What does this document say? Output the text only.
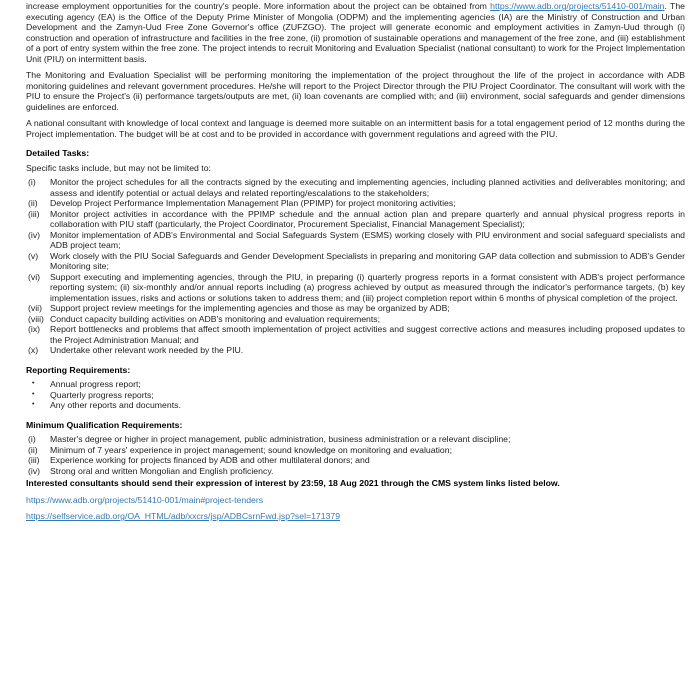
increase employment opportunities for the country's people. More information about the project can be obtained from https://www.adb.org/projects/51410-001/main. The executing agency (EA) is the Office of the Deputy Prime Minister of Mongolia (ODPM) and the implementing agencies (IA) are the Ministry of Construction and Urban Development and the Zamyn-Uud Free Zone Governor's office (ZUFZGO). The project will generate economic and employment activities in Zamyn-Uud through (i) construction and operation of infrastructure and facilities in the free zone, (ii) promotion of sustainable operations and management of the free zone, and (iii) establishment of a port of entry system within the free zone. The project intends to recruit Monitoring and Evaluation Specialist (national consultant) to work for the Project Implementation Unit (PIU) on intermittent basis.

The Monitoring and Evaluation Specialist will be performing monitoring the implementation of the project throughout the life of the project in accordance with ADB monitoring guidelines and relevant government procedures. He/she will report to the Project Director through the PIU Project Coordinator. The consultant will work with the PIU to ensure the Project's (ii) performance targets/outputs are met, (ii) loan covenants are complied with; and (iii) environment, social safeguards and gender dimensions guidelines are enforced.

A national consultant with knowledge of local context and language is deemed more suitable on an intermittent basis for a total engagement period of 12 months during the Project implementation. The budget will be at cost and to be provided in accordance with government regulations and agreed with the PIU.

Detailed Tasks:

Specific tasks include, but may not be limited to:

(i)	Monitor the project schedules for all the contracts signed by the executing and implementing agencies, including planned activities and deliverables monitoring; and assess and identify potential or actual delays and related reporting/escalations to the stakeholders;
(ii)	Develop Project Performance Implementation Management Plan (PPIMP) for project monitoring activities;
(iii)	Monitor project activities in accordance with the PPIMP schedule and the annual action plan and prepare quarterly and annual physical progress reports in collaboration with PIU staff (particularly, the Project Coordinator, Procurement Specialist, Financial Management Specialist);
(iv)	Monitor implementation of ADB's Environmental and Social Safeguards System (ESMS) working closely with PIU environment and social safeguard specialists and ADB project team;
(v)	Work closely with the PIU Social Safeguards and Gender Development Specialists in preparing and monitoring GAP data collection and submission to ADB's Gender Monitoring site;
(vi)	Support executing and implementing agencies, through the PIU, in preparing (i) quarterly progress reports in a format consistent with ADB's project performance reporting system; (ii) six-monthly and/or annual reports including (a) progress achieved by output as measured through the indicator's performance targets, (b) key implementation issues, risks and actions or solutions taken to address them; and (iii) project completion report within 6 months of physical completion of the project.
(vii) Support project review meetings for the implementing agencies and those as may be organized by ADB;
(viii) Conduct capacity building activities on ADB's monitoring and evaluation requirements;
(ix)	Report bottlenecks and problems that affect smooth implementation of project activities and suggest corrective actions and measures including proposed updates to the Project Administration Manual; and
(x)	Undertake other relevant work needed by the PIU.
Reporting Requirements:
•	Annual progress report;
•	Quarterly progress reports;
•	Any other reports and documents.
Minimum Qualification Requirements:
(i)	Master's degree or higher in project management, public administration, business administration or a relevant discipline;
(ii)	Minimum of 7 years' experience in project management; sound knowledge on monitoring and evaluation;
(iii)	Experience working for projects financed by ADB and other multilateral donors; and
(iv)	Strong oral and written Mongolian and English proficiency.

Interested consultants should send their expression of interest by 23:59, 18 Aug 2021 through the CMS system links listed below.

https://www.adb.org/projects/51410-001/main#project-tenders
https://selfservice.adb.org/OA_HTML/adb/xxcrs/jsp/ADBCsrnFwd.jsp?sel=171379
